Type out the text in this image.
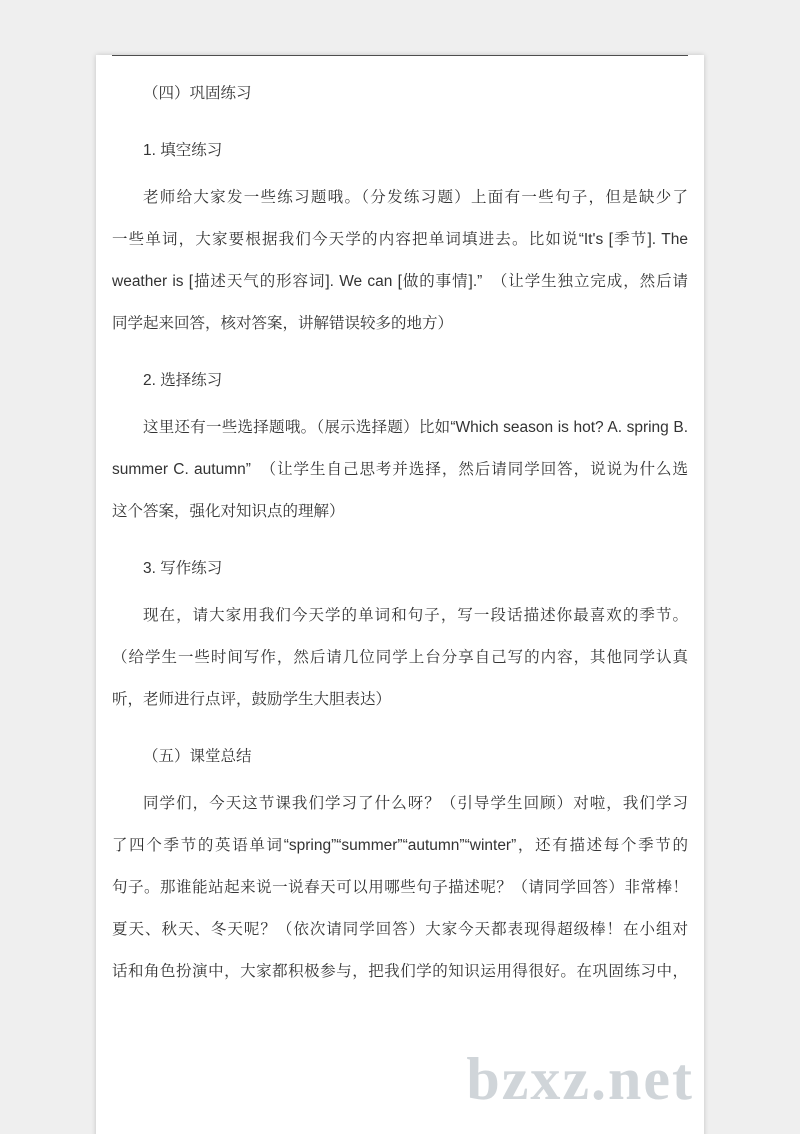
（四）巩固练习
1. 填空练习
老师给大家发一些练习题哦。（分发练习题）上面有一些句子，但是缺少了
一些单词，大家要根据我们今天学的内容把单词填进去。比如说“It's [季节]. The
weather is [描述天气的形容词]. We can [做的事情].”　（让学生独立完成，然后请
同学起来回答，核对答案，讲解错误较多的地方）
2. 选择练习
这里还有一些选择题哦。（展示选择题）比如“Which season is hot? A. spring B.
summer C. autumn”　（让学生自己思考并选择，然后请同学回答，说说为什么选
这个答案，强化对知识点的理解）
3. 写作练习
现在，请大家用我们今天学的单词和句子，写一段话描述你最喜欢的季节。
（给学生一些时间写作，然后请几位同学上台分享自己写的内容，其他同学认真
听，老师进行点评，鼓励学生大胆表达）
（五）课堂总结
同学们，今天这节课我们学习了什么呀？（引导学生回顾）对啦，我们学习
了四个季节的英语单词“spring”“summer”“autumn”“winter”，还有描述每个季节的
句子。那谁能站起来说一说春天可以用哪些句子描述呢？（请同学回答）非常棒！
夏天、秋天、冬天呢？（依次请同学回答）大家今天都表现得超级棒！在小组对
话和角色扮演中，大家都积极参与，把我们学的知识运用得很好。在巩固练习中，
bzxz.net
